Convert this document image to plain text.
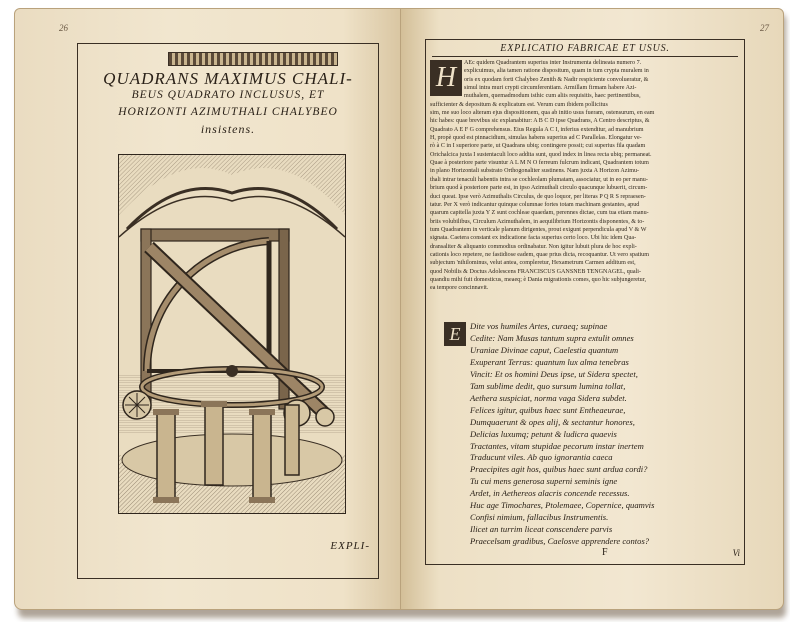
26
QUADRANS MAXIMUS CHALI-
BEUS QUADRATO INCLUSUS, ET
HORIZONTI AZIMUTHALI CHALYBEO
insistens.
EXPLI-
27
EXPLICATIO FABRICAE ET USUS.
H	AEc quidem Quadrantem superius inter Instrumenta delineata numero 7.

explicuimus, alia tamen ratione dispositum, quam in tum crypta muralem in

oris ex quodam forti Chalybeo Zenith & Nadir respiciente convolueratur, &

simul intra muri crypti circumferentiam. Armillam firmam habere Azi-

muthalem, quemadmodum isthic cum aliis requisitis, haec pertinentibus,

sufficienter & depositum & explicatum est. Verum cum ibidem pollicitus

sim, me suo loco alteram ejus dispositionem, qua ab initio usus fueram, ostensurum, en eam

hic habes: quae brevibus sic explanabitur: A B C D ipse Quadrans, A Centro descriptus, &

Quadrato A E F G comprehensus. Eius Regula A C I, inferius extenditur, ad manubrium

H, propè quod est pinnacidium, simulas habens superius ad C Parallelas. Elongatur ve-

rò à C in I superiore parte, ut Quadrans ubiq; contingere possit; cui superius fila quadam

Orichalcica juxta I sustentaculi loco addita sunt, quod index in linea recta ubiq; permaneat.

Quae à posteriore parte visuntur A L M N O ferreum fulcrum indicant, Quadrantem totum

in plano Horizontali substrato Orthogonaliter sustinens. Nam juxta A Horizon Azimu-

thali intrar tenaculi habentis intra se cochleolam plumatam, associatur, ut in eo per manu-

brium quod à posteriore parte est, in ipso Azimuthali circulo quacunque lubuerit, circum-

duci queat. Ipse verò Azimuthalis Circulus, de quo loquor, per literas P Q R S repraesen-

tatur. Per X verò indicantur quinque columnae fortes totam machinam gestantes, apud

quarum capitella juxta Y Z sunt cochleae quaedam, perennes dictae, cum tua etiam manu-

briis volubilibus, Circulum Azimuthalem, in aequilibrium Horizontis disponentes, & to-

tum Quadrantem in verticale planum dirigentes, prout exigunt perpendicula apud V & W

signata. Caetera constant ex indicatione facta superius certo loco. Ubi hic idem Qua-

dransaliter & aliquanto commodius ordinabatur. Non igitur lubuit plura de hoc expli-

cationis loco repetere, ne fastidiose eadem, quae prius dicta, recoquantur. Ut vero spatium

subjectum 'nihilominus, velut antea, compleretur, Hexametrum Carmen additum est,

quod Nobilis & Doctus Adolescens FRANCISCUS GANSNEB TENGNAGEL, quali-

quandiu mihi fuit domesticus, meaeq; è Dania migrationis comes, quo hic subjungeretur,

ea tempore concinnavit.

E	Dite vos humiles Artes, curaeq; supinae
Cedite: Nam Musas tantum supra extulit omnes
Uraniae Divinae caput, Caelestia quantum
Exuperant Terras: quantum lux alma tenebras
Vincit: Et os homini Deus ipse, ut Sidera spectet,
Tam sublime dedit, quo sursum lumina tollat,
Aethera suspiciat, norma vaga Sidera subdet.
Felices igitur, quibus haec sunt Entheaeurae,
Dumquaerunt & opes alij, & sectantur honores,
Delicias luxumq; petunt & ludicra quaevis
Tractantes, vitam stupidae pecorum instar inertem
Traducunt viles. Ab quo ignorantia caeca
Praecipites agit hos, quibus haec sunt ardua cordi?
Tu cui mens generosa superni seminis igne
Ardet, in Aethereos alacris concende recessus.
Huc age Timochares, Ptolemaee, Copernice, quamvis
Confisi nimium, fallacibus Instrumentis.
Ilicet an turrim liceat conscendere parvis
Praecelsam gradibus, Caelosve apprendere contos?
F	Vi
